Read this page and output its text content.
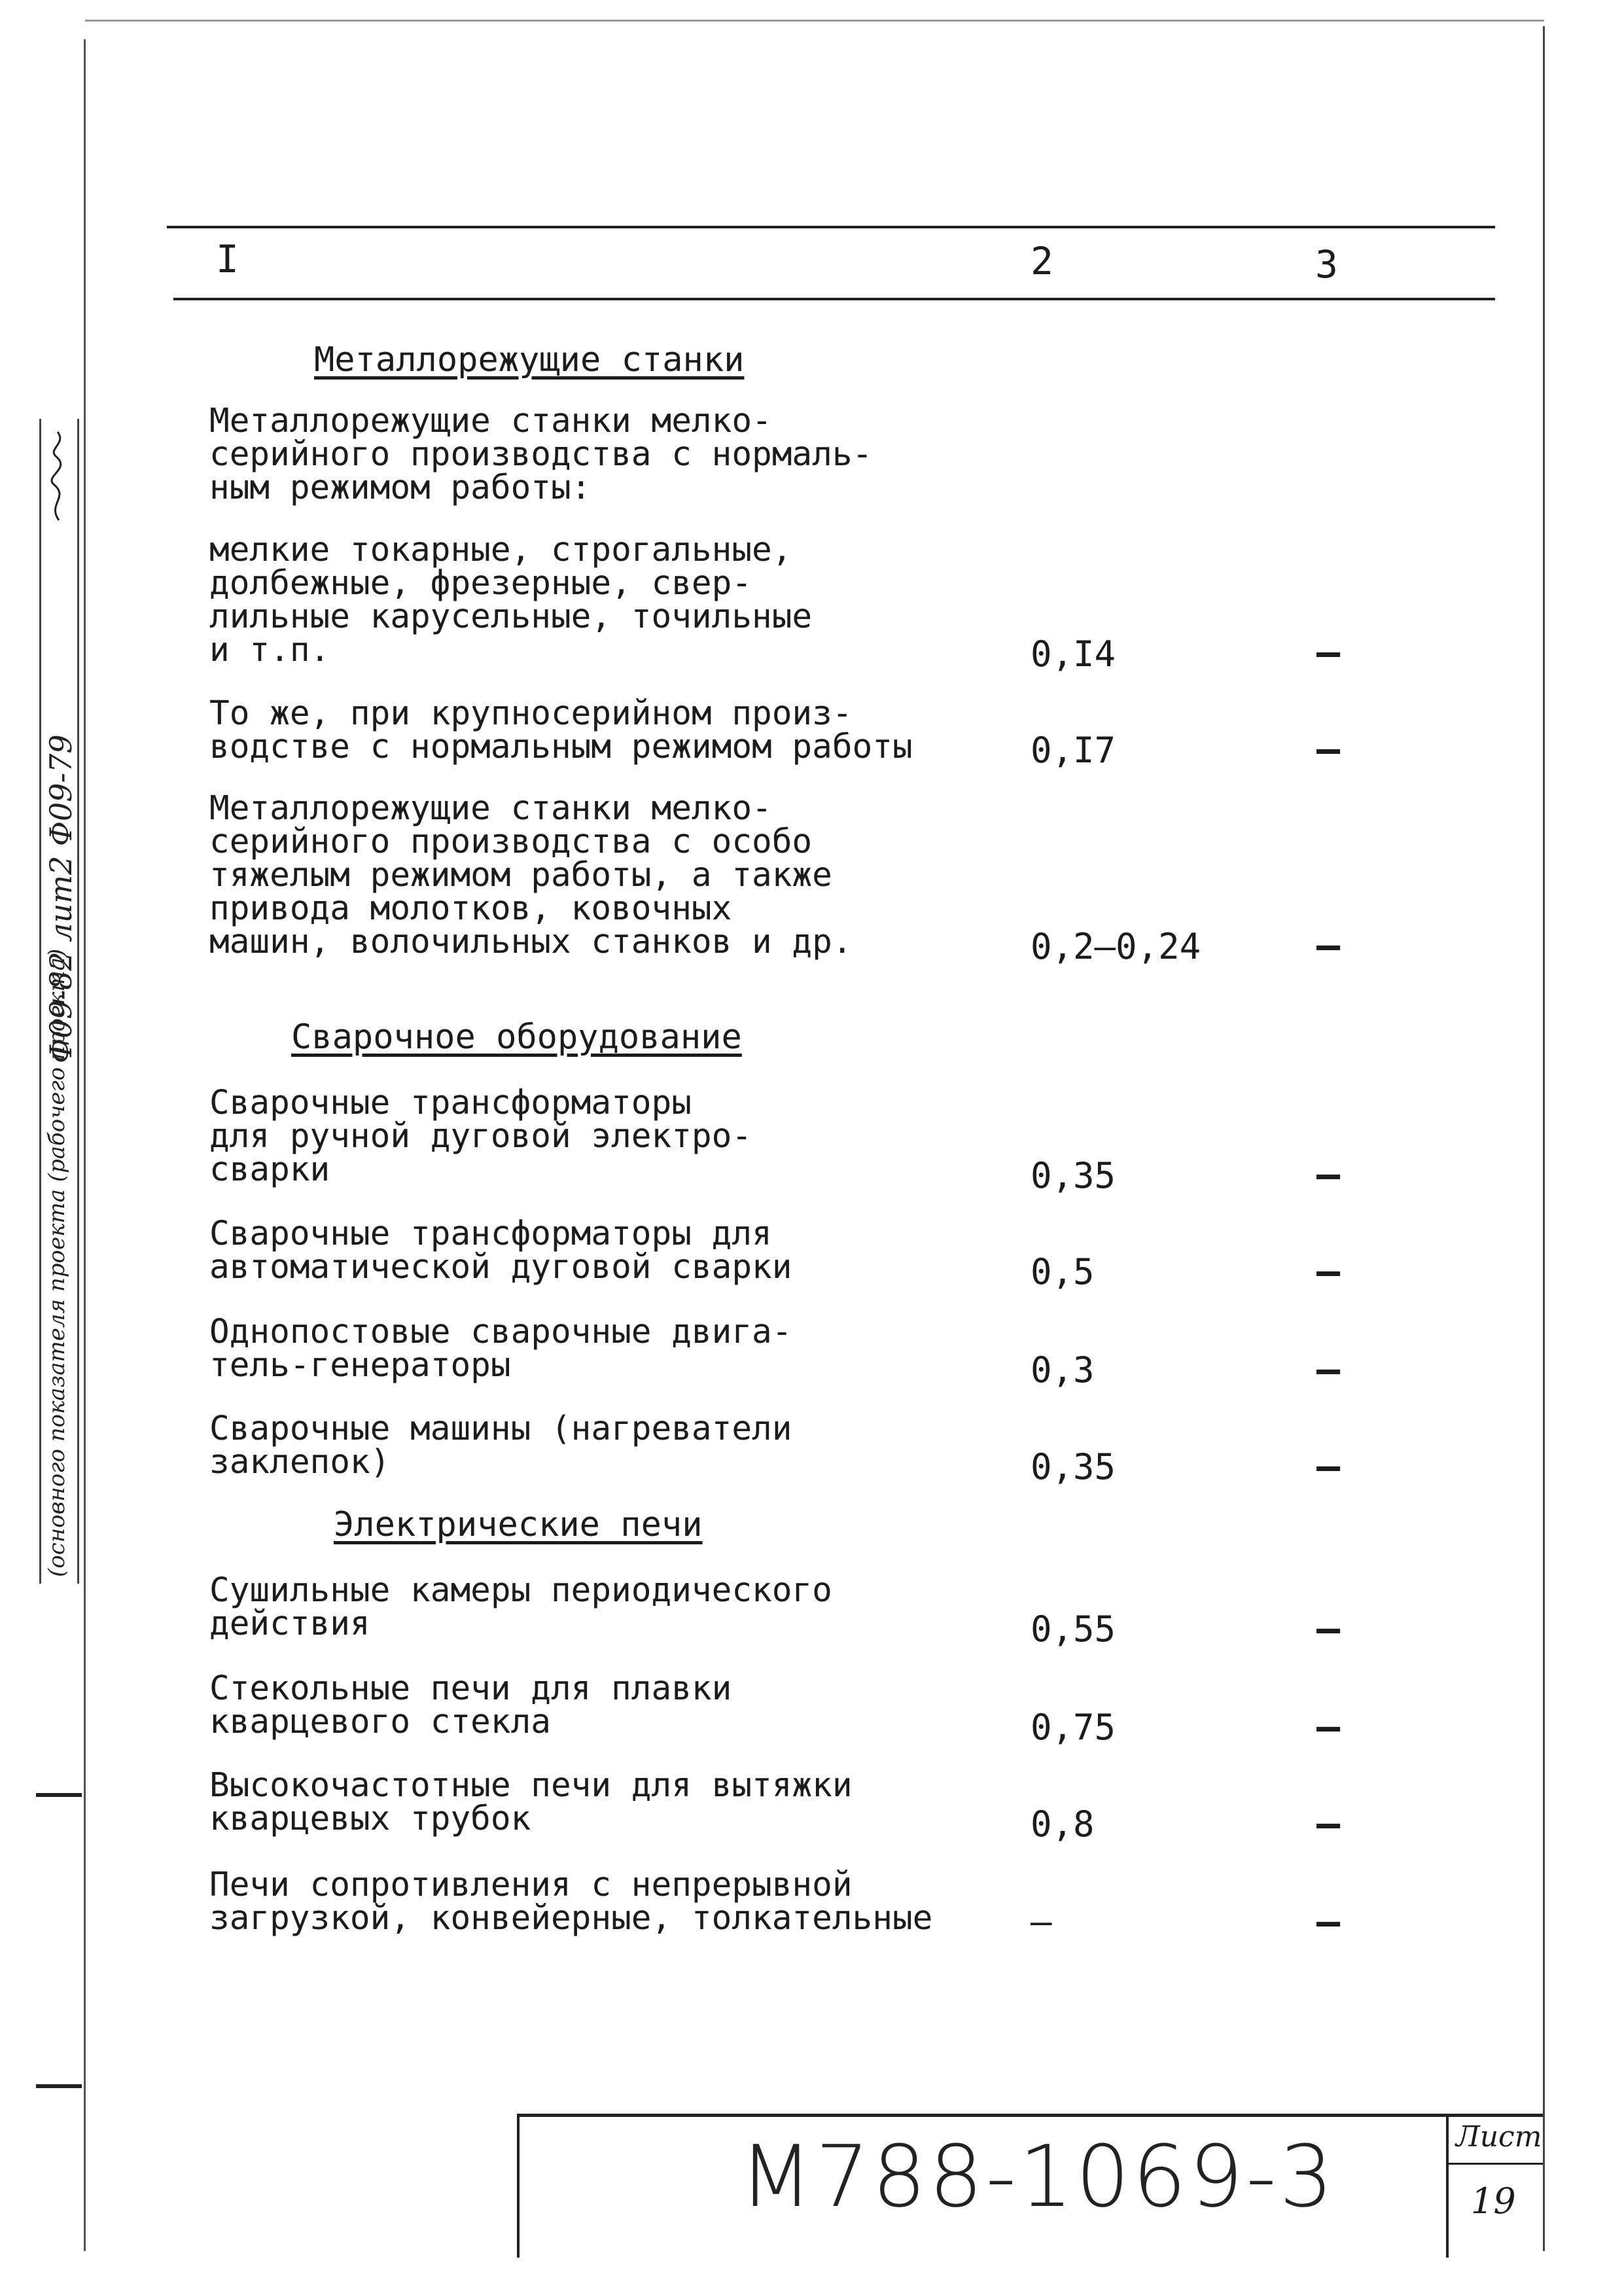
I	2	3
Металлорежущие станки
Металлорежущие станки мелко-
серийного производства с нормаль-
ным режимом работы:
мелкие токарные, строгальные,
долбежные, фрезерные, свер-
лильные карусельные, точильные
и т.п.	0,I4	–
То же, при крупносерийном произ-
водстве с нормальным режимом работы	0,I7	–
Металлорежущие станки мелко-
серийного производства с особо
тяжелым режимом работы, а также
привода молотков, ковочных
машин, волочильных станков и др.	0,2–0,24	–
Сварочное оборудование
Сварочные трансформаторы
для ручной дуговой электро-
сварки	0,35	–
Сварочные трансформаторы для
автоматической дуговой сварки	0,5	–
Однопостовые сварочные двига-
тель-генераторы	0,3	–
Сварочные машины (нагреватели
заклепок)	0,35	–
Электрические печи
Сушильные камеры периодического
действия	0,55	–
Стекольные печи для плавки
кварцевого стекла	0,75	–
Высокочастотные печи для вытяжки
кварцевых трубок	0,8	–
Печи сопротивления с непрерывной
загрузкой, конвейерные, толкательные	–	–
Ф09-82 лит2 Ф09-79
(основного показателя проекта (рабочего проекта)
М788-1069-3	Лист
19
